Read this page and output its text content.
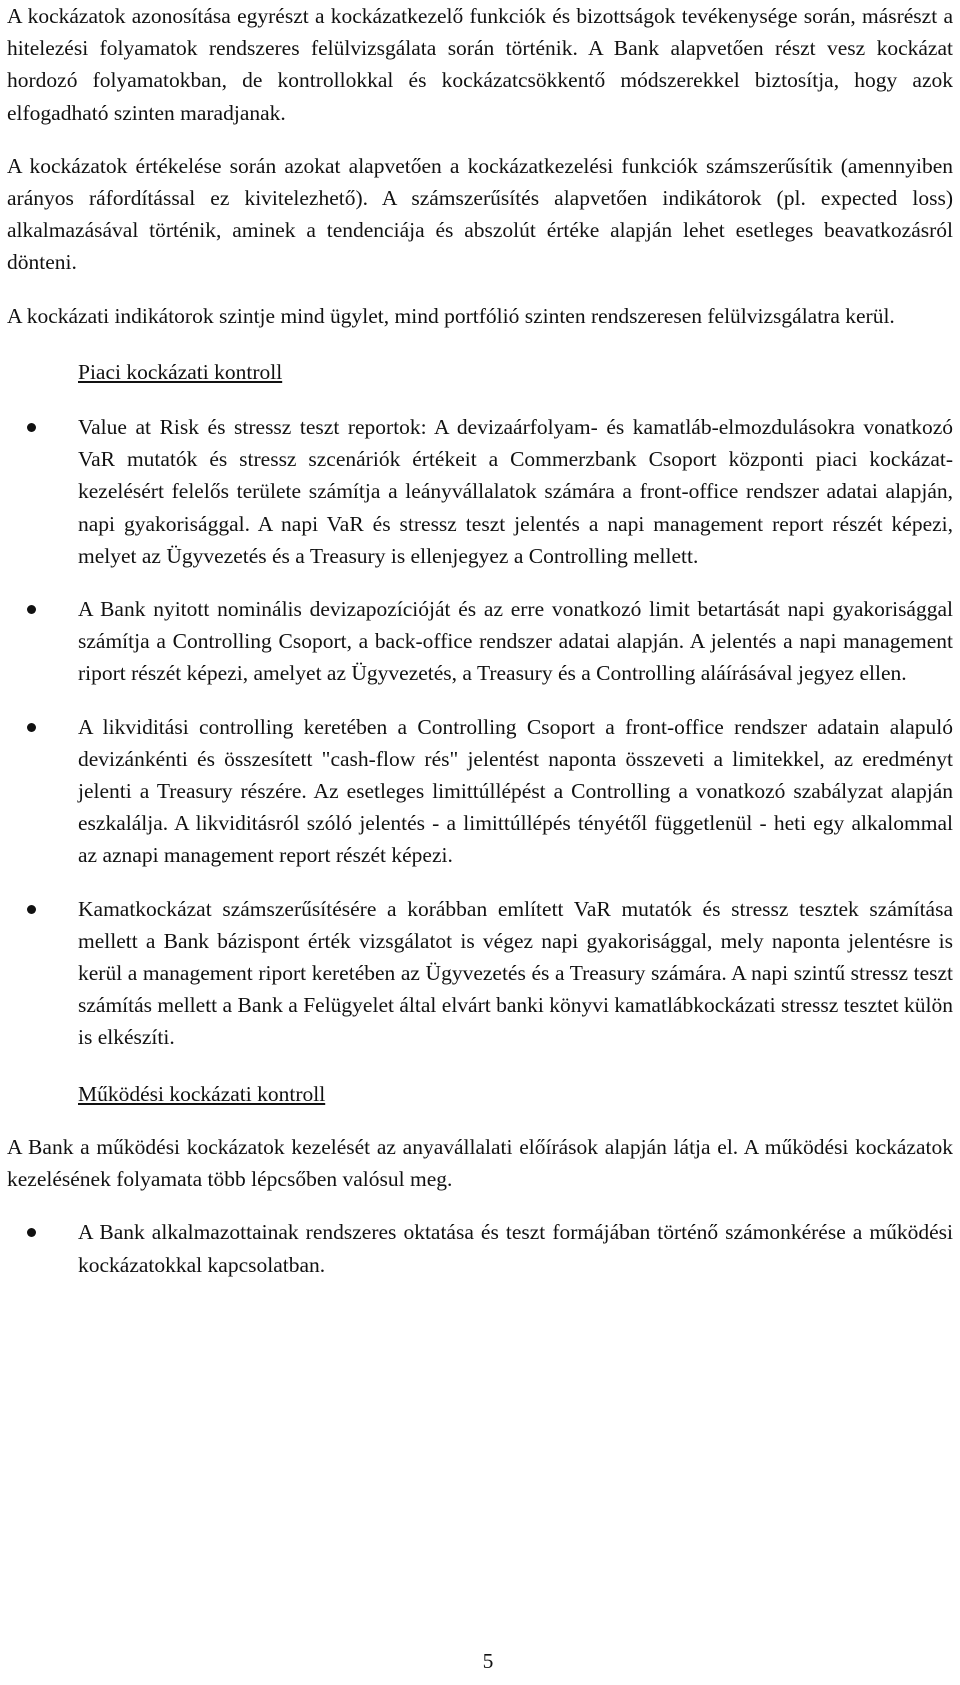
A kockázatok azonosítása egyrészt a kockázatkezelő funkciók és bizottságok tevékenysége során, másrészt a hitelezési folyamatok rendszeres felülvizsgálata során történik. A Bank alapvetően részt vesz kockázat hordozó folyamatokban, de kontrollokkal és kockázatcsökkentő módszerekkel biztosítja, hogy azok elfogadható szinten maradjanak.

A kockázatok értékelése során azokat alapvetően a kockázatkezelési funkciók számszerűsítik (amennyiben arányos ráfordítással ez kivitelezhető). A számszerűsítés alapvetően indikátorok (pl. expected loss) alkalmazásával történik, aminek a tendenciája és abszolút értéke alapján lehet esetleges beavatkozásról dönteni.

A kockázati indikátorok szintje mind ügylet, mind portfólió szinten rendszeresen felülvizsgálatra kerül.

Piaci kockázati kontroll

Value at Risk és stressz teszt reportok: A devizaárfolyam- és kamatláb-elmozdulásokra vonatkozó VaR mutatók és stressz szcenáriók értékeit a Commerzbank Csoport központi piaci kockázat-kezelésért felelős területe számítja a leányvállalatok számára a front-office rendszer adatai alapján, napi gyakorisággal. A napi VaR és stressz teszt jelentés a napi management report részét képezi, melyet az Ügyvezetés és a Treasury is ellenjegyez a Controlling mellett.
A Bank nyitott nominális devizapozícióját és az erre vonatkozó limit betartását napi gyakorisággal számítja a Controlling Csoport, a back-office rendszer adatai alapján. A jelentés a napi management riport részét képezi, amelyet az Ügyvezetés, a Treasury és a Controlling aláírásával jegyez ellen.
A likviditási controlling keretében a Controlling Csoport a front-office rendszer adatain alapuló devizánkénti és összesített "cash-flow rés" jelentést naponta összeveti a limitekkel, az eredményt jelenti a Treasury részére. Az esetleges limittúllépést a Controlling a vonatkozó szabályzat alapján eszkalálja. A likviditásról szóló jelentés - a limittúllépés tényétől függetlenül - heti egy alkalommal az aznapi management report részét képezi.
Kamatkockázat számszerűsítésére a korábban említett VaR mutatók és stressz tesztek számítása mellett a Bank bázispont érték vizsgálatot is végez napi gyakorisággal, mely naponta jelentésre is kerül a management riport keretében az Ügyvezetés és a Treasury számára. A napi szintű stressz teszt számítás mellett a Bank a Felügyelet által elvárt banki könyvi kamatlábkockázati stressz tesztet külön is elkészíti.

Működési kockázati kontroll

A Bank a működési kockázatok kezelését az anyavállalati előírások alapján látja el. A működési kockázatok kezelésének folyamata több lépcsőben valósul meg.

A Bank alkalmazottainak rendszeres oktatása és teszt formájában történő számonkérése a működési kockázatokkal kapcsolatban.
5
